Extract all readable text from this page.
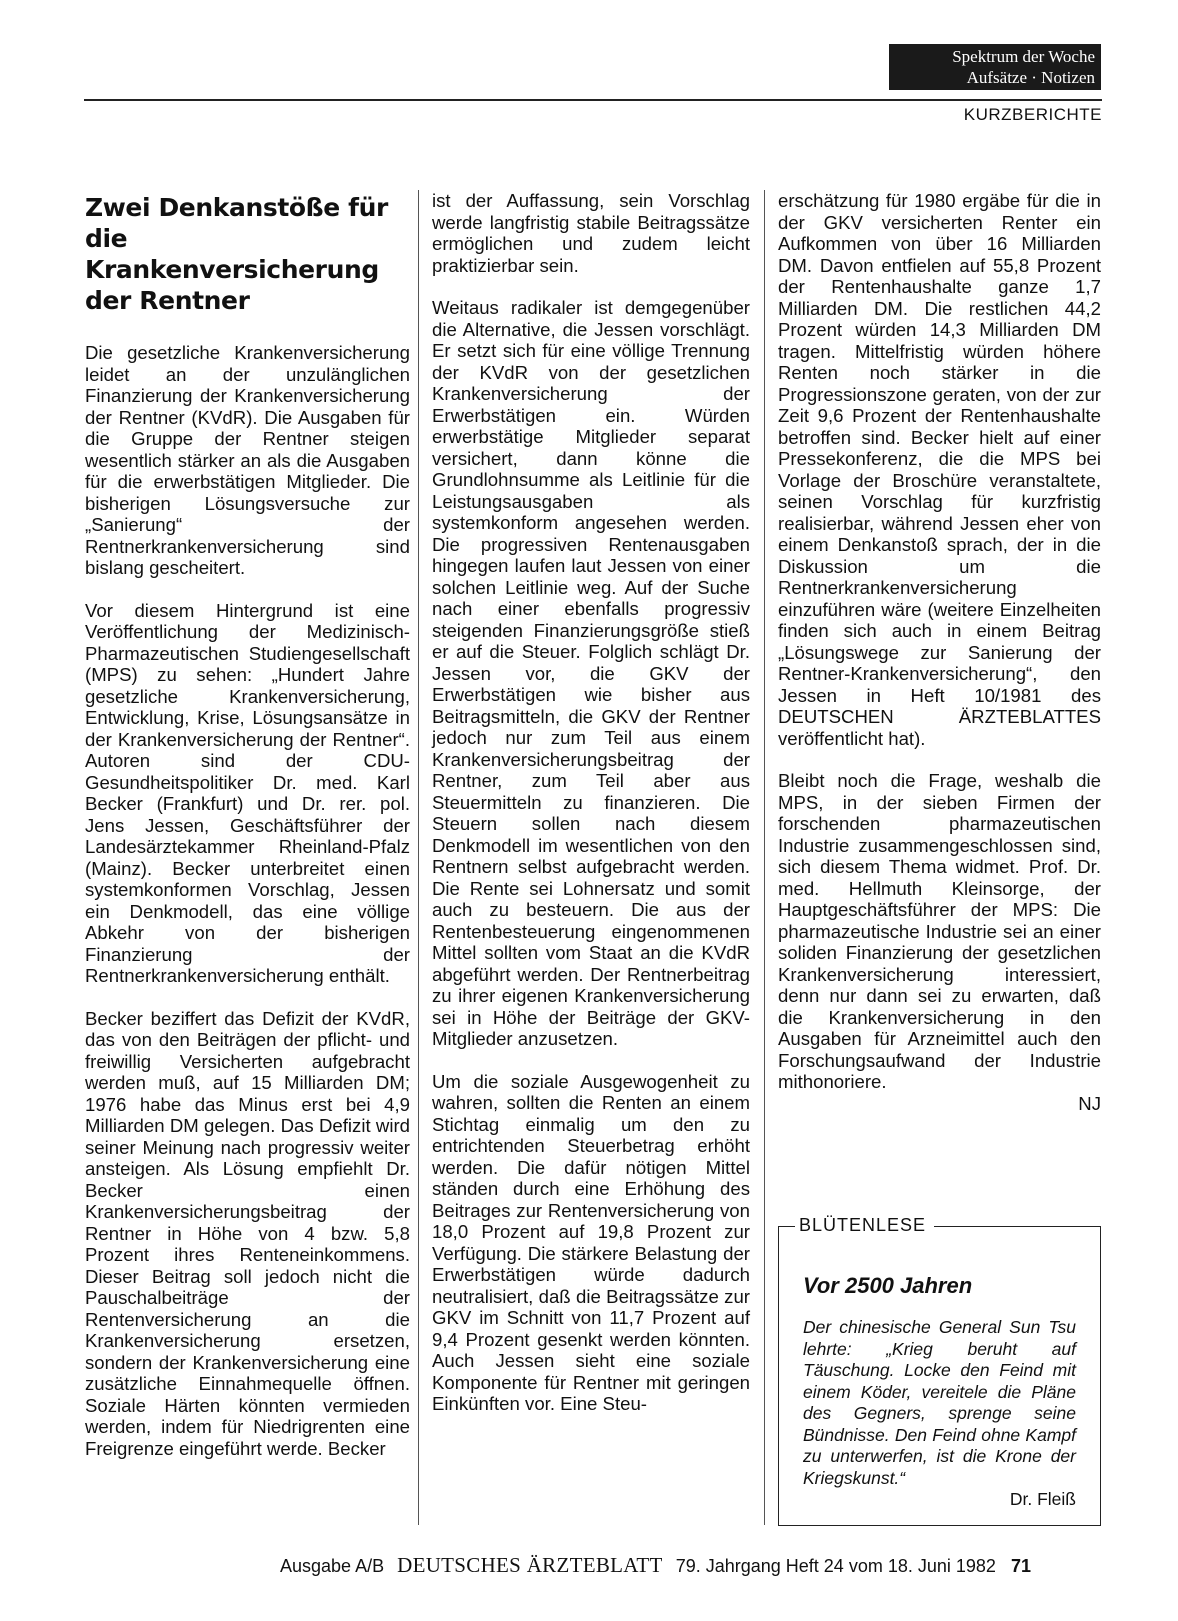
Spektrum der Woche
Aufsätze · Notizen
KURZBERICHTE
Zwei Denkanstöße für die Krankenversicherung der Rentner

Die gesetzliche Krankenversicherung leidet an der unzulänglichen Finanzierung der Krankenversicherung der Rentner (KVdR). Die Ausgaben für die Gruppe der Rentner steigen wesentlich stärker an als die Ausgaben für die erwerbstätigen Mitglieder. Die bisherigen Lösungsversuche zur „Sanierung“ der Rentnerkrankenversicherung sind bislang gescheitert.

Vor diesem Hintergrund ist eine Veröffentlichung der Medizinisch-Pharmazeutischen Studiengesellschaft (MPS) zu sehen: „Hundert Jahre gesetzliche Krankenversicherung, Entwicklung, Krise, Lösungsansätze in der Krankenversicherung der Rentner“. Autoren sind der CDU-Gesundheitspolitiker Dr. med. Karl Becker (Frankfurt) und Dr. rer. pol. Jens Jessen, Geschäftsführer der Landesärztekammer Rheinland-Pfalz (Mainz). Becker unterbreitet einen systemkonformen Vorschlag, Jessen ein Denkmodell, das eine völlige Abkehr von der bisherigen Finanzierung der Rentnerkrankenversicherung enthält.

Becker beziffert das Defizit der KVdR, das von den Beiträgen der pflicht- und freiwillig Versicherten aufgebracht werden muß, auf 15 Milliarden DM; 1976 habe das Minus erst bei 4,9 Milliarden DM gelegen. Das Defizit wird seiner Meinung nach progressiv weiter ansteigen. Als Lösung empfiehlt Dr. Becker einen Krankenversicherungsbeitrag der Rentner in Höhe von 4 bzw. 5,8 Prozent ihres Renteneinkommens. Dieser Beitrag soll jedoch nicht die Pauschalbeiträge der Rentenversicherung an die Krankenversicherung ersetzen, sondern der Krankenversicherung eine zusätzliche Einnahmequelle öffnen. Soziale Härten könnten vermieden werden, indem für Niedrigrenten eine Freigrenze eingeführt werde. Becker

ist der Auffassung, sein Vorschlag werde langfristig stabile Beitragssätze ermöglichen und zudem leicht praktizierbar sein.

Weitaus radikaler ist demgegenüber die Alternative, die Jessen vorschlägt. Er setzt sich für eine völlige Trennung der KVdR von der gesetzlichen Krankenversicherung der Erwerbstätigen ein. Würden erwerbstätige Mitglieder separat versichert, dann könne die Grundlohnsumme als Leitlinie für die Leistungsausgaben als systemkonform angesehen werden. Die progressiven Rentenausgaben hingegen laufen laut Jessen von einer solchen Leitlinie weg. Auf der Suche nach einer ebenfalls progressiv steigenden Finanzierungsgröße stieß er auf die Steuer. Folglich schlägt Dr. Jessen vor, die GKV der Erwerbstätigen wie bisher aus Beitragsmitteln, die GKV der Rentner jedoch nur zum Teil aus einem Krankenversicherungsbeitrag der Rentner, zum Teil aber aus Steuermitteln zu finanzieren. Die Steuern sollen nach diesem Denkmodell im wesentlichen von den Rentnern selbst aufgebracht werden. Die Rente sei Lohnersatz und somit auch zu besteuern. Die aus der Rentenbesteuerung eingenommenen Mittel sollten vom Staat an die KVdR abgeführt werden. Der Rentnerbeitrag zu ihrer eigenen Krankenversicherung sei in Höhe der Beiträge der GKV-Mitglieder anzusetzen.

Um die soziale Ausgewogenheit zu wahren, sollten die Renten an einem Stichtag einmalig um den zu entrichtenden Steuerbetrag erhöht werden. Die dafür nötigen Mittel ständen durch eine Erhöhung des Beitrages zur Rentenversicherung von 18,0 Prozent auf 19,8 Prozent zur Verfügung. Die stärkere Belastung der Erwerbstätigen würde dadurch neutralisiert, daß die Beitragssätze zur GKV im Schnitt von 11,7 Prozent auf 9,4 Prozent gesenkt werden könnten. Auch Jessen sieht eine soziale Komponente für Rentner mit geringen Einkünften vor. Eine Steu-

erschätzung für 1980 ergäbe für die in der GKV versicherten Renter ein Aufkommen von über 16 Milliarden DM. Davon entfielen auf 55,8 Prozent der Rentenhaushalte ganze 1,7 Milliarden DM. Die restlichen 44,2 Prozent würden 14,3 Milliarden DM tragen. Mittelfristig würden höhere Renten noch stärker in die Progressionszone geraten, von der zur Zeit 9,6 Prozent der Rentenhaushalte betroffen sind. Becker hielt auf einer Pressekonferenz, die die MPS bei Vorlage der Broschüre veranstaltete, seinen Vorschlag für kurzfristig realisierbar, während Jessen eher von einem Denkanstoß sprach, der in die Diskussion um die Rentnerkrankenversicherung einzuführen wäre (weitere Einzelheiten finden sich auch in einem Beitrag „Lösungswege zur Sanierung der Rentner-Krankenversicherung“, den Jessen in Heft 10/1981 des DEUTSCHEN ÄRZTEBLATTES veröffentlicht hat).

Bleibt noch die Frage, weshalb die MPS, in der sieben Firmen der forschenden pharmazeutischen Industrie zusammengeschlossen sind, sich diesem Thema widmet. Prof. Dr. med. Hellmuth Kleinsorge, der Hauptgeschäftsführer der MPS: Die pharmazeutische Industrie sei an einer soliden Finanzierung der gesetzlichen Krankenversicherung interessiert, denn nur dann sei zu erwarten, daß die Krankenversicherung in den Ausgaben für Arzneimittel auch den Forschungsaufwand der Industrie mithonoriere.

NJ
BLÜTENLESE
Vor 2500 Jahren
Der chinesische General Sun Tsu lehrte: „Krieg beruht auf Täuschung. Locke den Feind mit einem Köder, vereitele die Pläne des Gegners, sprenge seine Bündnisse. Den Feind ohne Kampf zu unterwerfen, ist die Krone der Kriegskunst.“
Dr. Fleiß
Ausgabe A/B DEUTSCHES ÄRZTEBLATT 79. Jahrgang Heft 24 vom 18. Juni 1982 71
